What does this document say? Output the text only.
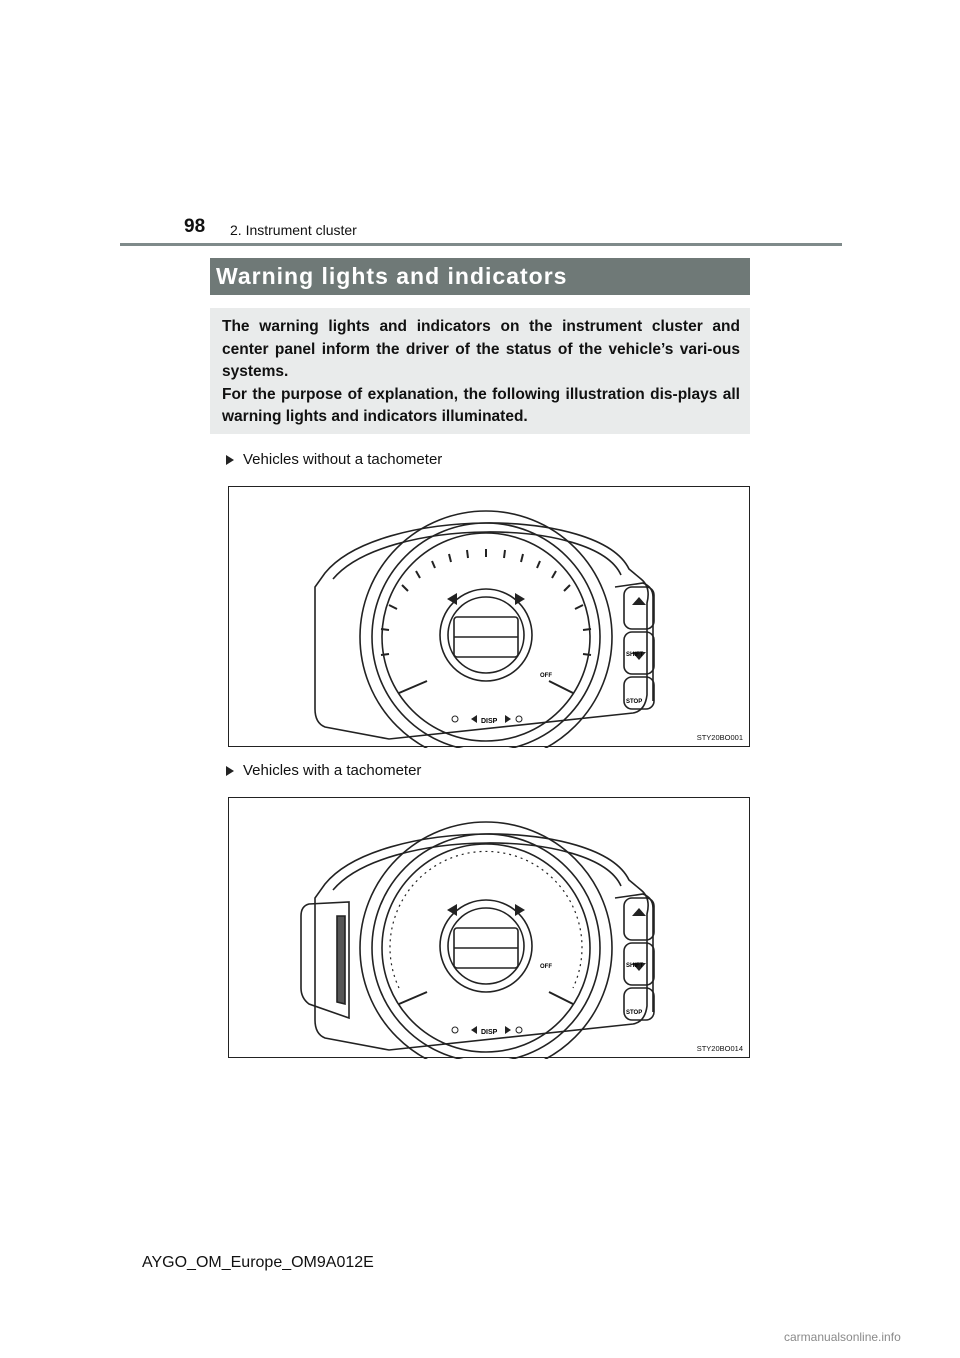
98 2. Instrument cluster
Warning lights and indicators

The warning lights and indicators on the instrument cluster and center panel inform the driver of the status of the vehicle’s vari-ous systems.

For the purpose of explanation, the following illustration dis-plays all warning lights and indicators illuminated.

Vehicles without a tachometer
DISP
SHIFT
STOP
OFF
STY20BO001
Vehicles with a tachometer
DISP
SHIFT
STOP
OFF
STY20BO014
AYGO_OM_Europe_OM9A012E
carmanualsonline.info
